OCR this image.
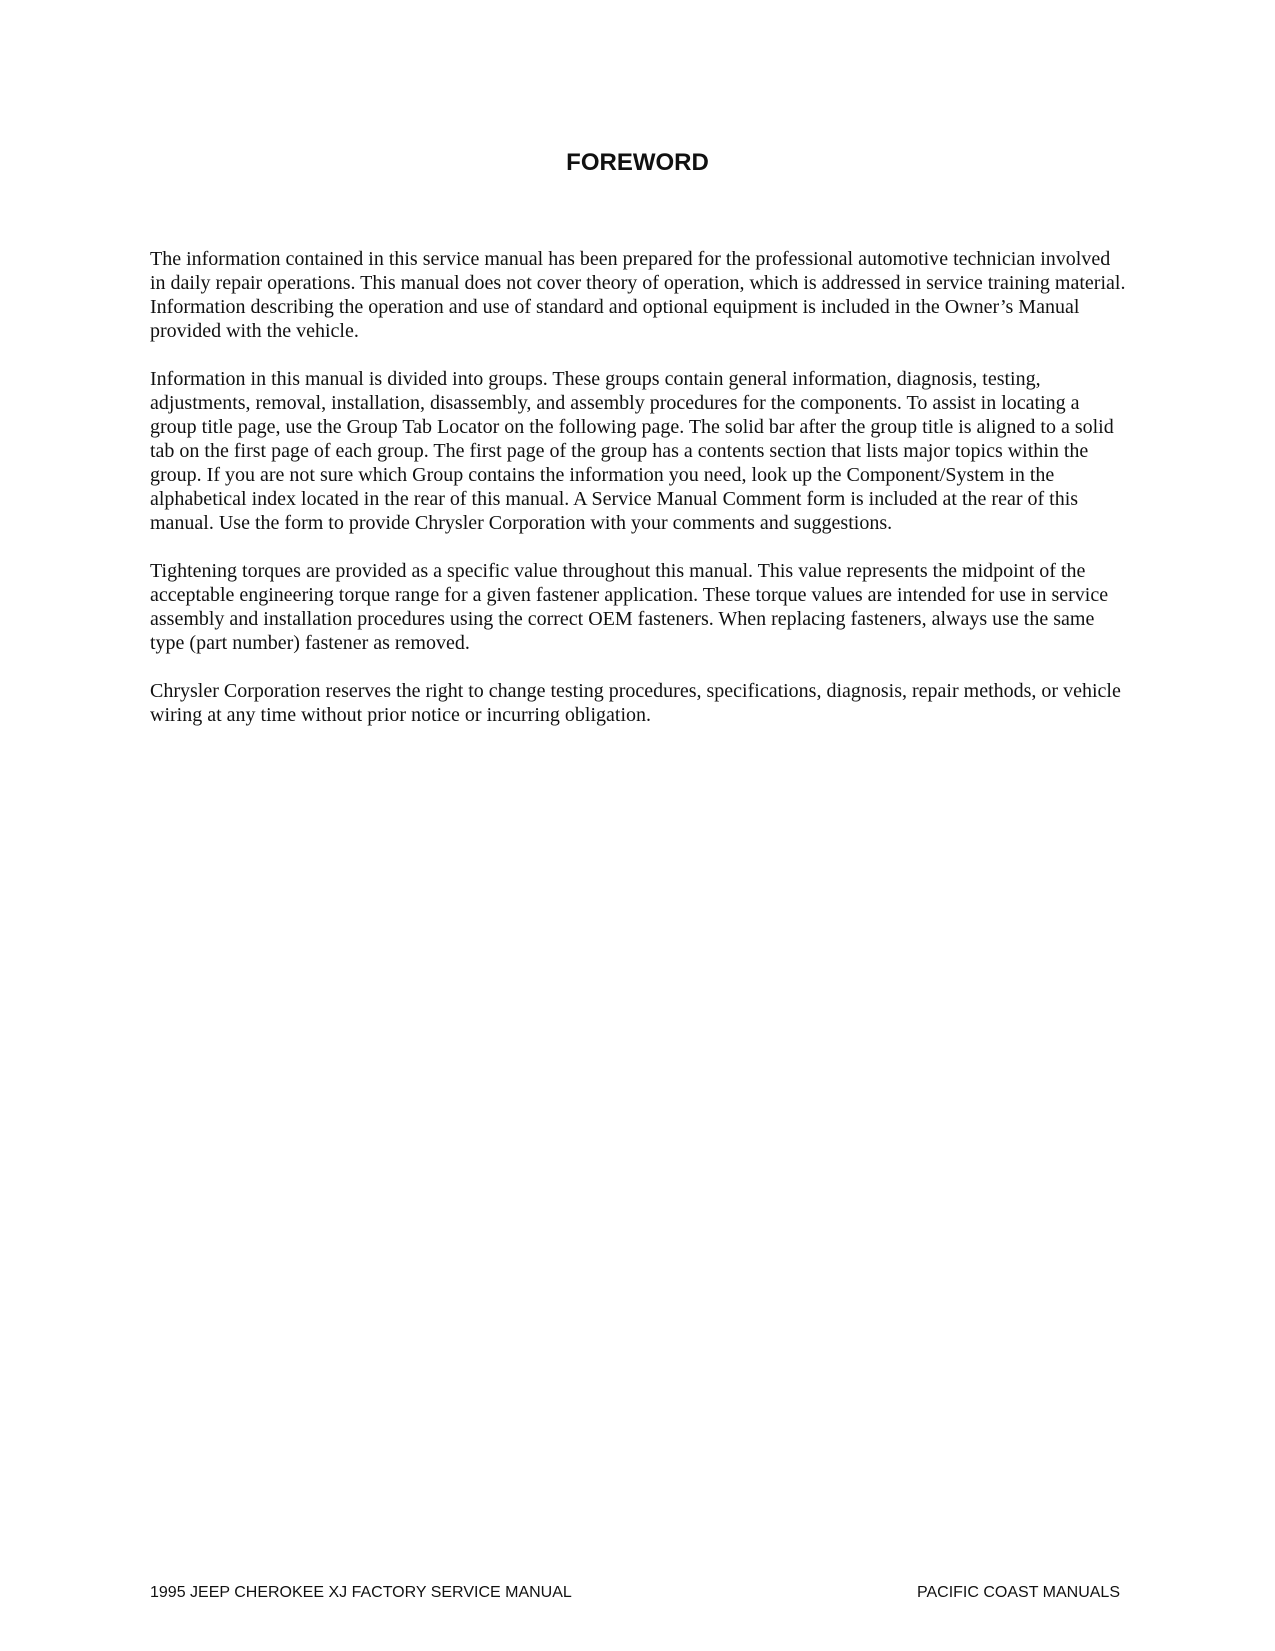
FOREWORD

The information contained in this service manual has been prepared for the professional automotive technician involved in daily repair operations. This manual does not cover theory of operation, which is addressed in service training material. Information describing the operation and use of standard and optional equipment is included in the Owner’s Manual provided with the vehicle.

Information in this manual is divided into groups. These groups contain general information, diagnosis, testing, adjustments, removal, installation, disassembly, and assembly procedures for the components. To assist in locating a group title page, use the Group Tab Locator on the following page. The solid bar after the group title is aligned to a solid tab on the first page of each group. The first page of the group has a contents section that lists major topics within the group. If you are not sure which Group contains the information you need, look up the Component/System in the alphabetical index located in the rear of this manual. A Service Manual Comment form is included at the rear of this manual. Use the form to provide Chrysler Corporation with your comments and suggestions.

Tightening torques are provided as a specific value throughout this manual. This value represents the midpoint of the acceptable engineering torque range for a given fastener application. These torque values are intended for use in service assembly and installation procedures using the correct OEM fasteners. When replacing fasteners, always use the same type (part number) fastener as removed.

Chrysler Corporation reserves the right to change testing procedures, specifications, diagnosis, repair methods, or vehicle wiring at any time without prior notice or incurring obligation.

1995 JEEP CHEROKEE XJ FACTORY SERVICE MANUAL	PACIFIC COAST MANUALS
